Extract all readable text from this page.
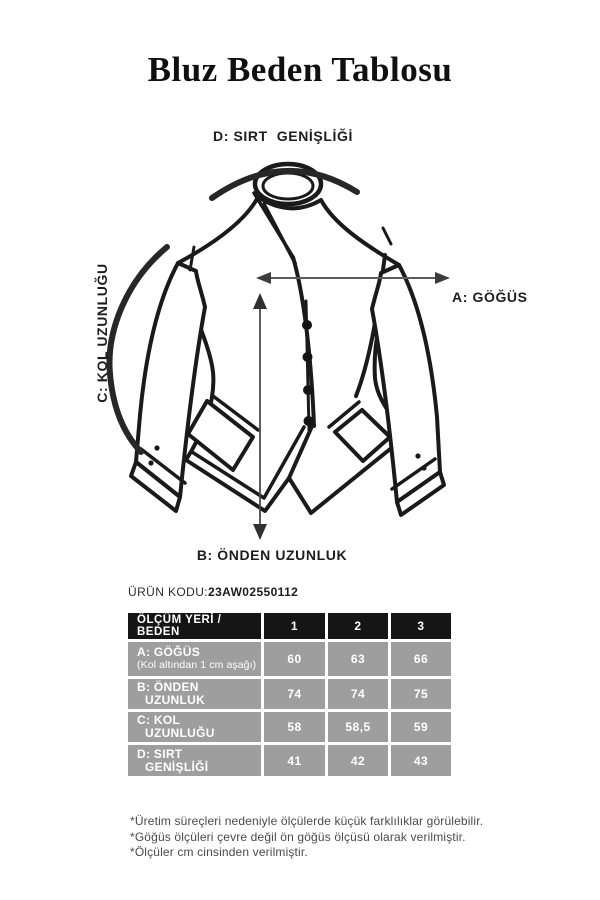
Bluz Beden Tablosu
D: SIRT  GENİŞLİĞİ
A: GÖĞÜS
C: KOL UZUNLUĞU
B: ÖNDEN UZUNLUK
ÜRÜN KODU:23AW02550112
ÖLÇÜM YERİ / BEDEN	1	2	3
A: GÖĞÜS
(Kol altından 1 cm aşağı)	60	63	66
B: ÖNDEN
UZUNLUK	74	74	75
C: KOL
UZUNLUĞU	58	58,5	59
D: SIRT
GENİŞLİĞİ	41	42	43
*Üretim süreçleri nedeniyle ölçülerde küçük farklılıklar görülebilir.
*Göğüs ölçüleri çevre değil ön göğüs ölçüsü olarak verilmiştir.
*Ölçüler cm cinsinden verilmiştir.
